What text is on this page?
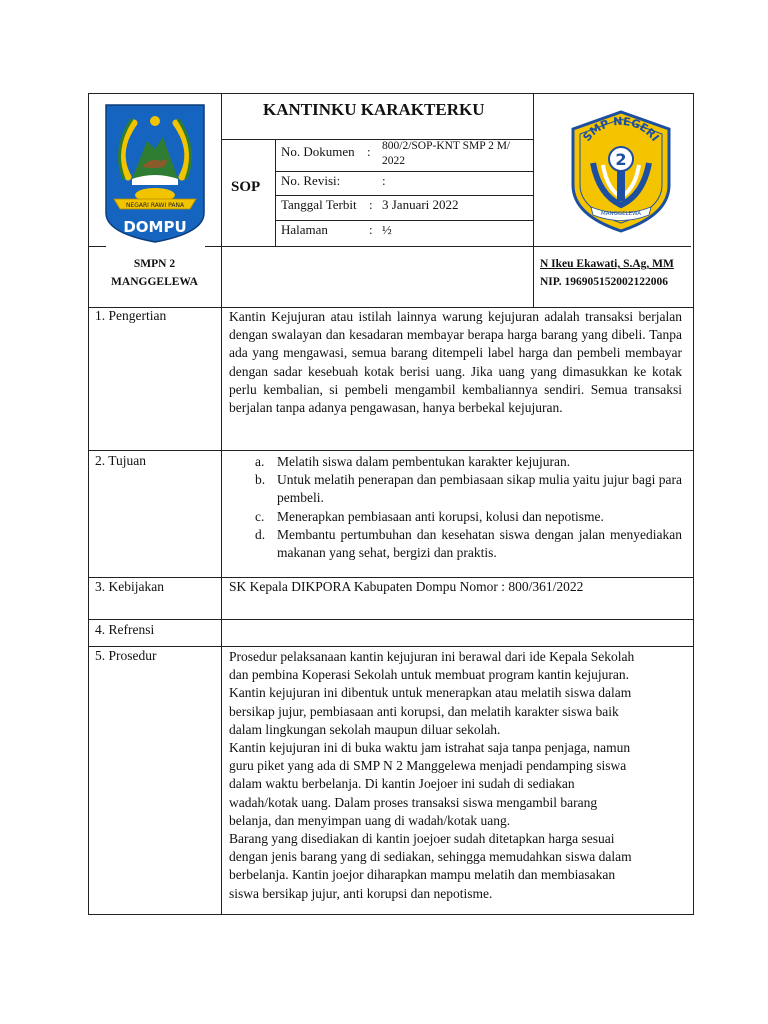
NEGARI RAWI PANA
DOMPU
KANTINKU KARAKTERKU
SOP
No. Dokumen : 800/2/SOP-KNT SMP 2 M/
2022
No. Revisi:	:
Tanggal Terbit : 3 Januari 2022
Halaman	: ½
SMP NEGERI
2
MANGGELEWA
SMPN 2
MANGGELEWA
N Ikeu Ekawati, S.Ag, MM
NIP. 196905152002122006
1. Pengertian	Kantin Kejujuran atau istilah lainnya warung kejujuran adalah transaksi berjalan dengan swalayan dan kesadaran membayar berapa harga barang yang dibeli. Tanpa ada yang mengawasi, semua barang ditempeli label harga dan pembeli membayar dengan sadar kesebuah kotak berisi uang. Jika uang yang dimasukkan ke kotak perlu kembalian, si pembeli mengambil kembaliannya sendiri. Semua transaksi berjalan tanpa adanya pengawasan, hanya berbekal kejujuran.

2. Tujuan	a. Melatih siswa dalam pembentukan karakter kejujuran.
b. Untuk melatih penerapan dan pembiasaan sikap mulia yaitu jujur bagi para pembeli.
c. Menerapkan pembiasaan anti korupsi, kolusi dan nepotisme.
d. Membantu pertumbuhan dan kesehatan siswa dengan jalan menyediakan makanan yang sehat, bergizi dan praktis.
3. Kebijakan	SK Kepala DIKPORA Kabupaten Dompu Nomor : 800/361/2022
4. Refrensi
5. Prosedur	Prosedur pelaksanaan kantin kejujuran ini berawal dari ide Kepala Sekolah

dan pembina Koperasi Sekolah untuk membuat program kantin kejujuran.

Kantin kejujuran ini dibentuk untuk menerapkan atau melatih siswa dalam

bersikap jujur, pembiasaan anti korupsi, dan melatih karakter siswa baik

dalam lingkungan sekolah maupun diluar sekolah.

Kantin kejujuran ini di buka waktu jam istrahat saja tanpa penjaga, namun

guru piket yang ada di SMP N 2 Manggelewa menjadi pendamping siswa

dalam waktu berbelanja. Di kantin Joejoer ini sudah di sediakan

wadah/kotak uang. Dalam proses transaksi siswa mengambil barang

belanja, dan menyimpan uang di wadah/kotak uang.

Barang yang disediakan di kantin joejoer sudah ditetapkan harga sesuai

dengan jenis barang yang di sediakan, sehingga memudahkan siswa dalam

berbelanja. Kantin joejor diharapkan mampu melatih dan membiasakan

siswa bersikap jujur, anti korupsi dan nepotisme.
